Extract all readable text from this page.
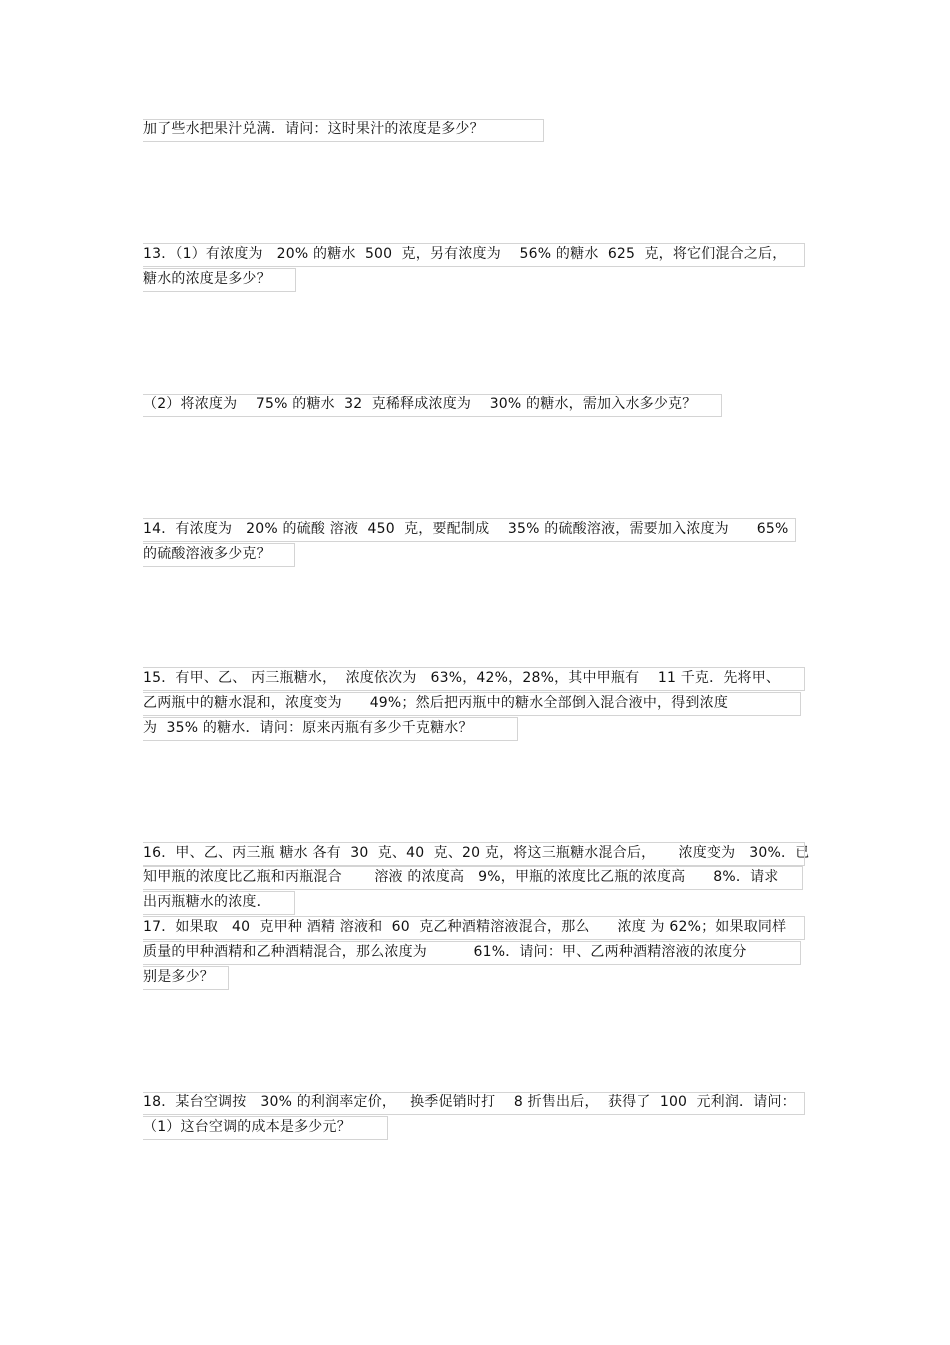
加了些水把果汁兑满．请问：这时果汁的浓度是多少？
13．（1）有浓度为   20% 的糖水  500  克，另有浓度为    56% 的糖水  625  克，将它们混合之后，
糖水的浓度是多少？
（2）将浓度为    75% 的糖水  32  克稀释成浓度为    30% 的糖水，需加入水多少克？
14．有浓度为   20% 的硫酸 溶液  450  克，要配制成    35% 的硫酸溶液，需要加入浓度为      65%
的硫酸溶液多少克？
15．有甲、乙、 丙三瓶糖水，  浓度依次为   63%，42%，28%，其中甲瓶有    11 千克．先将甲、
乙两瓶中的糖水混和，浓度变为      49%；然后把丙瓶中的糖水全部倒入混合液中，得到浓度
为  35% 的糖水．请问：原来丙瓶有多少千克糖水？
16．甲、乙、丙三瓶 糖水 各有  30  克、40  克、20 克，将这三瓶糖水混合后，     浓度变为   30%．已
知甲瓶的浓度比乙瓶和丙瓶混合       溶液 的浓度高   9%，甲瓶的浓度比乙瓶的浓度高      8%．请求
出丙瓶糖水的浓度．
17．如果取   40  克甲种 酒精 溶液和  60  克乙种酒精溶液混合，那么      浓度 为 62%；如果取同样
质量的甲种酒精和乙种酒精混合，那么浓度为          61%．请问：甲、乙两种酒精溶液的浓度分
别是多少？
18．某台空调按   30% 的利润率定价，   换季促销时打    8 折售出后，  获得了  100  元利润．请问：
（1）这台空调的成本是多少元？
